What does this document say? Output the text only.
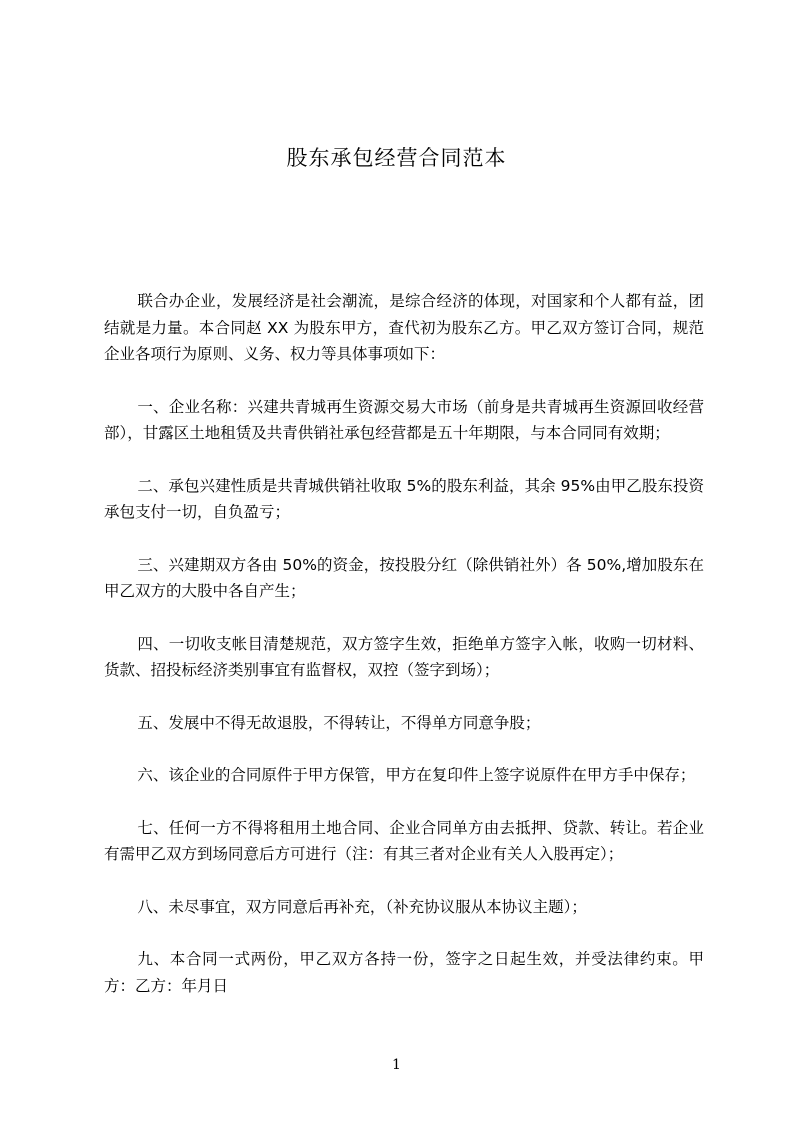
股东承包经营合同范本

联合办企业，发展经济是社会潮流，是综合经济的体现，对国家和个人都有益，团结就是力量。本合同赵 XX 为股东甲方，查代初为股东乙方。甲乙双方签订合同，规范企业各项行为原则、义务、权力等具体事项如下：

一、企业名称：兴建共青城再生资源交易大市场（前身是共青城再生资源回收经营部），甘露区土地租赁及共青供销社承包经营都是五十年期限，与本合同同有效期；

二、承包兴建性质是共青城供销社收取 5%的股东利益，其余 95%由甲乙股东投资承包支付一切，自负盈亏；

三、兴建期双方各由 50%的资金，按投股分红（除供销社外）各 50%,增加股东在甲乙双方的大股中各自产生；

四、一切收支帐目清楚规范，双方签字生效，拒绝单方签字入帐，收购一切材料、货款、招投标经济类别事宜有监督权，双控（签字到场）；

五、发展中不得无故退股，不得转让，不得单方同意争股；

六、该企业的合同原件于甲方保管，甲方在复印件上签字说原件在甲方手中保存；

七、任何一方不得将租用土地合同、企业合同单方由去抵押、贷款、转让。若企业有需甲乙双方到场同意后方可进行（注：有其三者对企业有关人入股再定）；

八、未尽事宜，双方同意后再补充，（补充协议服从本协议主题）；

九、本合同一式两份，甲乙双方各持一份，签字之日起生效，并受法律约束。甲方：乙方：年月日

1
